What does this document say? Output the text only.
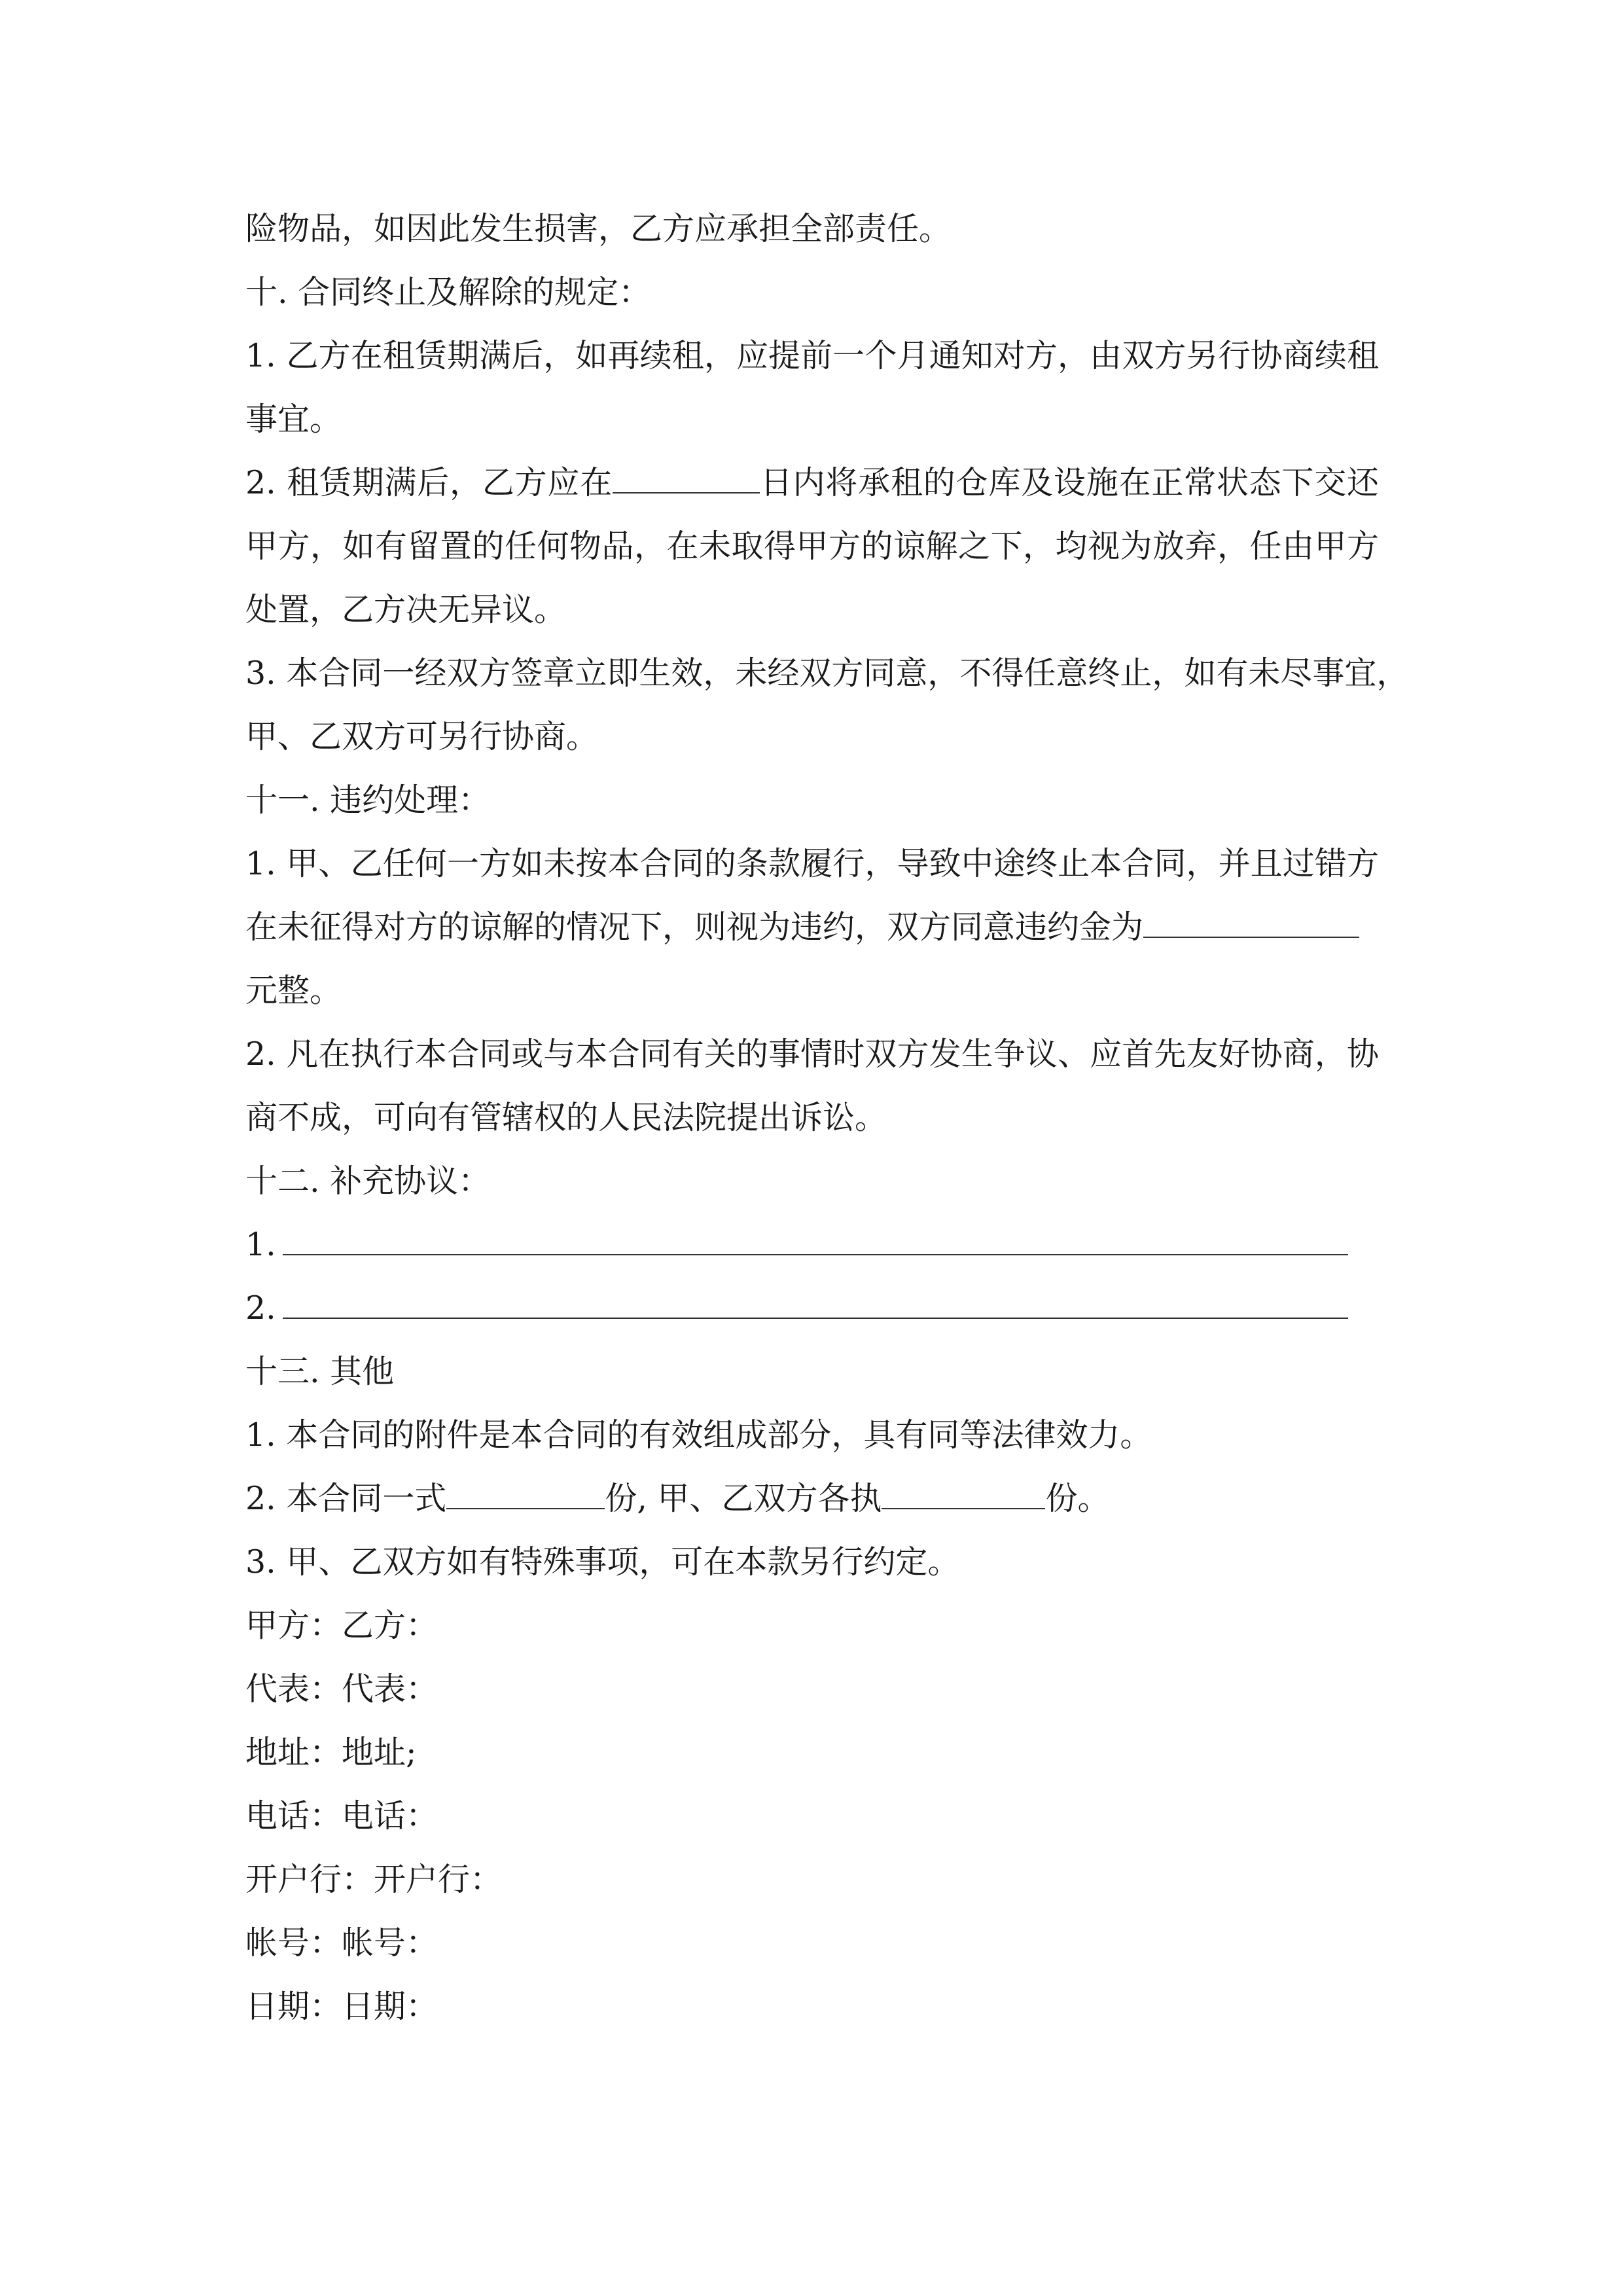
险物品，如因此发生损害，乙方应承担全部责任。

十. 合同终止及解除的规定：

1. 乙方在租赁期满后，如再续租，应提前一个月通知对方，由双方另行协商续租

事宜。

2. 租赁期满后，乙方应在	日内将承租的仓库及设施在正常状态下交还

甲方，如有留置的任何物品，在未取得甲方的谅解之下，均视为放弃，任由甲方

处置，乙方决无异议。

3. 本合同一经双方签章立即生效，未经双方同意，不得任意终止，如有未尽事宜，

甲、乙双方可另行协商。

十一. 违约处理：

1. 甲、乙任何一方如未按本合同的条款履行，导致中途终止本合同，并且过错方

在未征得对方的谅解的情况下，则视为违约，双方同意违约金为

元整。

2. 凡在执行本合同或与本合同有关的事情时双方发生争议、应首先友好协商，协

商不成，可向有管辖权的人民法院提出诉讼。

十二. 补充协议：

1.

2.

十三. 其他

1. 本合同的附件是本合同的有效组成部分，具有同等法律效力。

2. 本合同一式	份, 甲、乙双方各执	份。

3. 甲、乙双方如有特殊事项，可在本款另行约定。

甲方：乙方：

代表：代表：

地址：地址;

电话：电话：

开户行：开户行：

帐号：帐号：

日期：日期：
